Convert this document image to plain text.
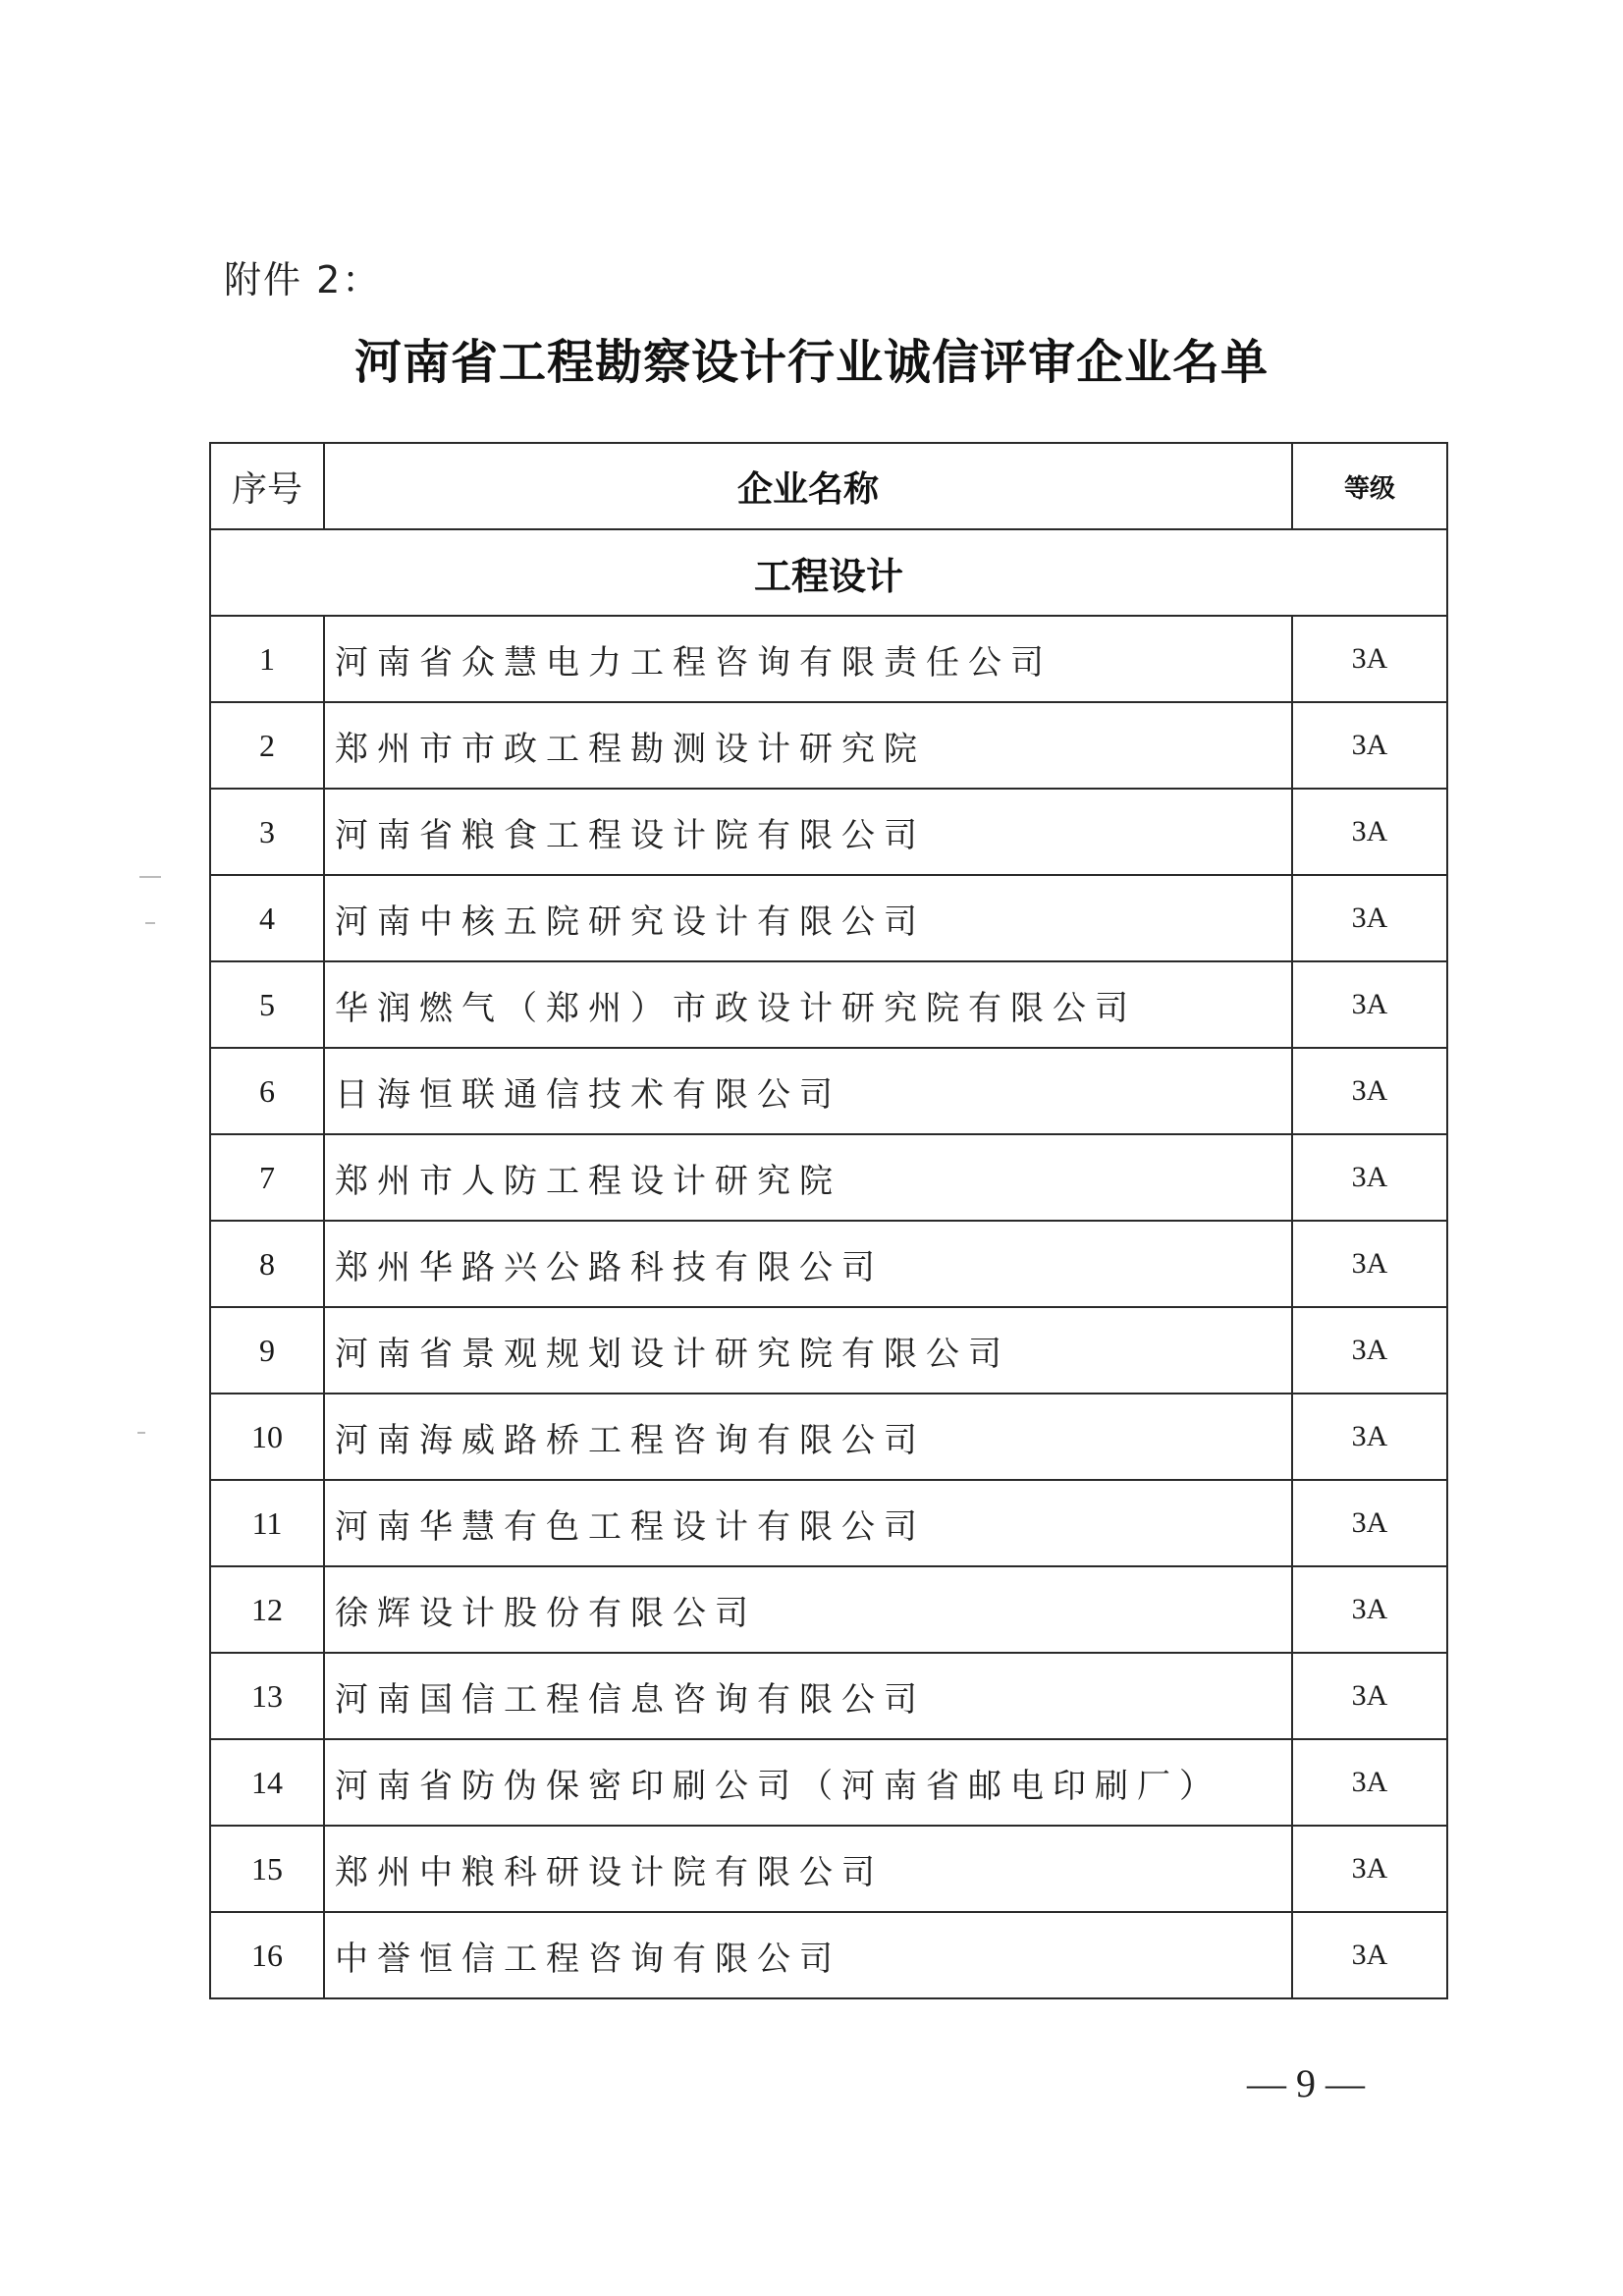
附件 2：
河南省工程勘察设计行业诚信评审企业名单
序号	企业名称	等级
工程设计		
1	河南省众慧电力工程咨询有限责任公司	3A
2	郑州市市政工程勘测设计研究院	3A
3	河南省粮食工程设计院有限公司	3A
4	河南中核五院研究设计有限公司	3A
5	华润燃气（郑州）市政设计研究院有限公司	3A
6	日海恒联通信技术有限公司	3A
7	郑州市人防工程设计研究院	3A
8	郑州华路兴公路科技有限公司	3A
9	河南省景观规划设计研究院有限公司	3A
10	河南海威路桥工程咨询有限公司	3A
11	河南华慧有色工程设计有限公司	3A
12	徐辉设计股份有限公司	3A
13	河南国信工程信息咨询有限公司	3A
14	河南省防伪保密印刷公司（河南省邮电印刷厂）	3A
15	郑州中粮科研设计院有限公司	3A
16	中誉恒信工程咨询有限公司	3A
— 9 —
